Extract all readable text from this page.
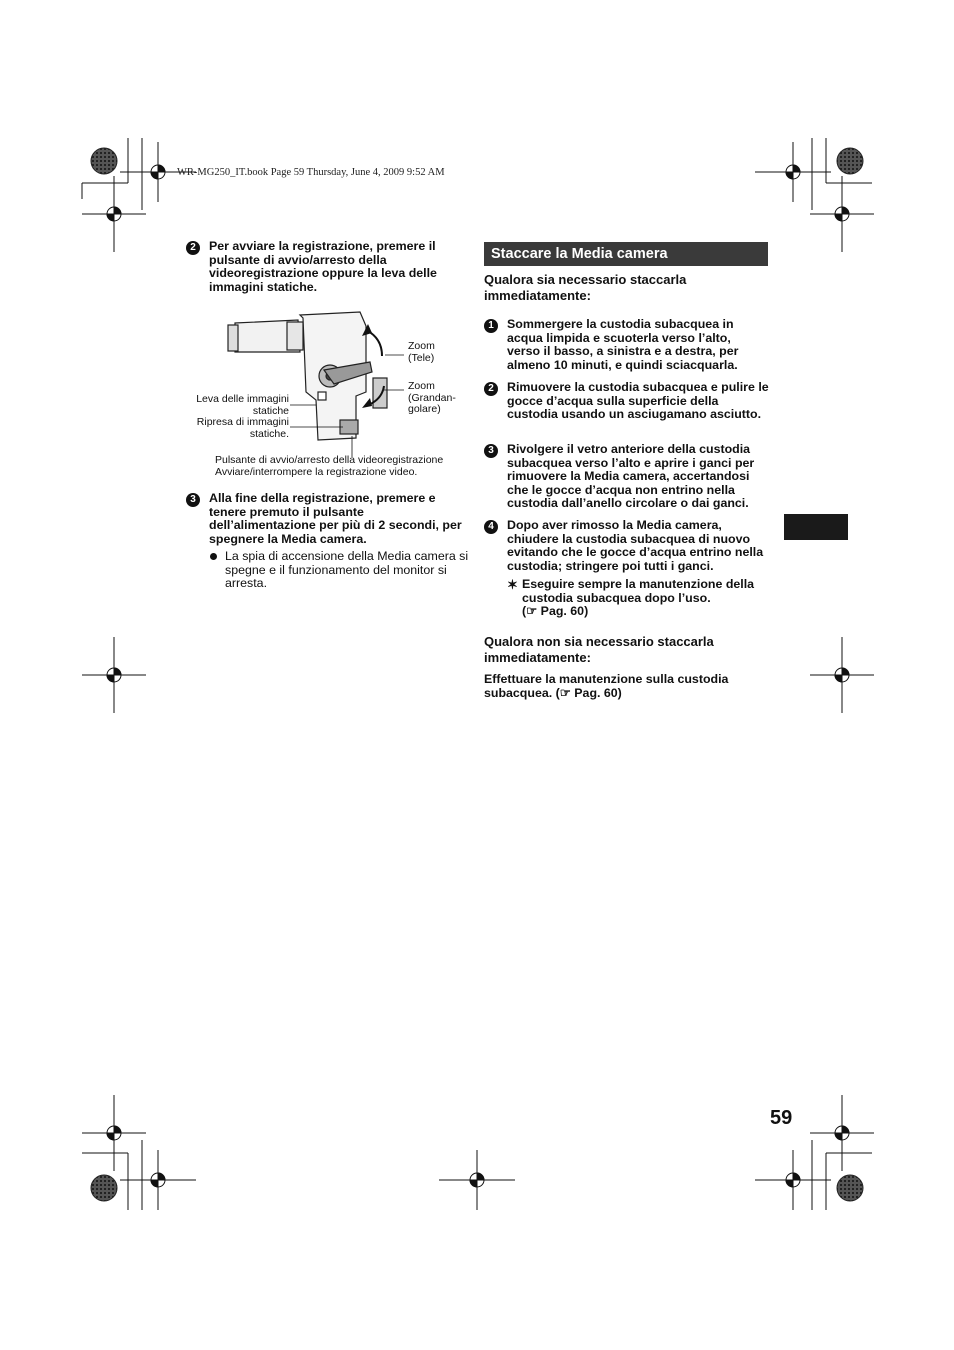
WR-MG250_IT.book Page 59 Thursday, June 4, 2009 9:52 AM
2	Per avviare la registrazione, premere il pulsante di avvio/arresto della videoregistrazione oppure la leva delle immagini statiche.
Zoom
(Tele)
Zoom
(Grandan-
golare)
Leva delle immagini
statiche
Ripresa di immagini
statiche.
Pulsante di avvio/arresto della videoregistrazione
Avviare/interrompere la registrazione video.
3	Alla fine della registrazione, premere e tenere premuto il pulsante dell’alimentazione per più di 2 secondi, per spegnere la Media camera.
La spia di accensione della Media camera si spegne e il funzionamento del monitor si arresta.
Staccare la Media camera
Qualora sia necessario staccarla immediatamente:
1	Sommergere la custodia subacquea in acqua limpida e scuoterla verso l’alto, verso il basso, a sinistra e a destra, per almeno 10 minuti, e quindi sciacquarla.
2	Rimuovere la custodia subacquea e pulire le gocce d’acqua sulla superficie della custodia usando un asciugamano asciutto.
3	Rivolgere il vetro anteriore della custodia subacquea verso l’alto e aprire i ganci per rimuovere la Media camera, accertandosi che le gocce d’acqua non entrino nella custodia dall’anello circolare o dai ganci.
4	Dopo aver rimosso la Media camera, chiudere la custodia subacquea di nuovo evitando che le gocce d’acqua entrino nella custodia; stringere poi tutti i ganci.
✶ Eseguire sempre la manutenzione della custodia subacquea dopo l’uso.
(☞ Pag. 60)
Qualora non sia necessario staccarla immediatamente:
Effettuare la manutenzione sulla custodia subacquea. (☞ Pag. 60)
59
